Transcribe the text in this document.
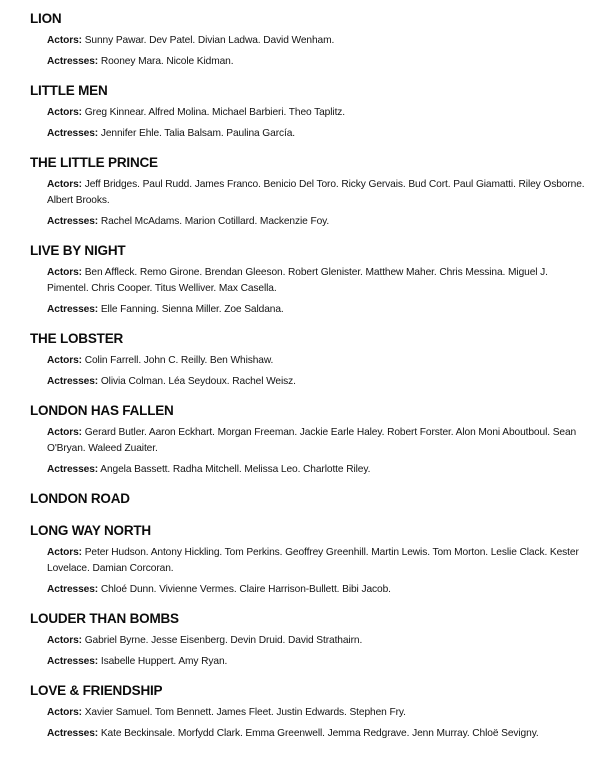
LION

Actors: Sunny Pawar. Dev Patel. Divian Ladwa. David Wenham.

Actresses: Rooney Mara. Nicole Kidman.

LITTLE MEN

Actors: Greg Kinnear. Alfred Molina. Michael Barbieri. Theo Taplitz.

Actresses: Jennifer Ehle. Talia Balsam. Paulina García.

THE LITTLE PRINCE

Actors: Jeff Bridges. Paul Rudd. James Franco. Benicio Del Toro. Ricky Gervais. Bud Cort. Paul Giamatti. Riley Osborne. Albert Brooks.

Actresses: Rachel McAdams. Marion Cotillard. Mackenzie Foy.

LIVE BY NIGHT

Actors: Ben Affleck. Remo Girone. Brendan Gleeson. Robert Glenister. Matthew Maher. Chris Messina. Miguel J. Pimentel. Chris Cooper. Titus Welliver. Max Casella.

Actresses: Elle Fanning. Sienna Miller. Zoe Saldana.

THE LOBSTER

Actors: Colin Farrell. John C. Reilly. Ben Whishaw.

Actresses: Olivia Colman. Léa Seydoux. Rachel Weisz.

LONDON HAS FALLEN

Actors: Gerard Butler. Aaron Eckhart. Morgan Freeman. Jackie Earle Haley. Robert Forster. Alon Moni Aboutboul. Sean O'Bryan. Waleed Zuaiter.

Actresses: Angela Bassett. Radha Mitchell. Melissa Leo. Charlotte Riley.

LONDON ROAD
LONG WAY NORTH

Actors: Peter Hudson. Antony Hickling. Tom Perkins. Geoffrey Greenhill. Martin Lewis. Tom Morton. Leslie Clack. Kester Lovelace. Damian Corcoran.

Actresses: Chloé Dunn. Vivienne Vermes. Claire Harrison-Bullett. Bibi Jacob.

LOUDER THAN BOMBS

Actors: Gabriel Byrne. Jesse Eisenberg. Devin Druid. David Strathairn.

Actresses: Isabelle Huppert. Amy Ryan.

LOVE & FRIENDSHIP

Actors: Xavier Samuel. Tom Bennett. James Fleet. Justin Edwards. Stephen Fry.

Actresses: Kate Beckinsale. Morfydd Clark. Emma Greenwell. Jemma Redgrave. Jenn Murray. Chloë Sevigny.
